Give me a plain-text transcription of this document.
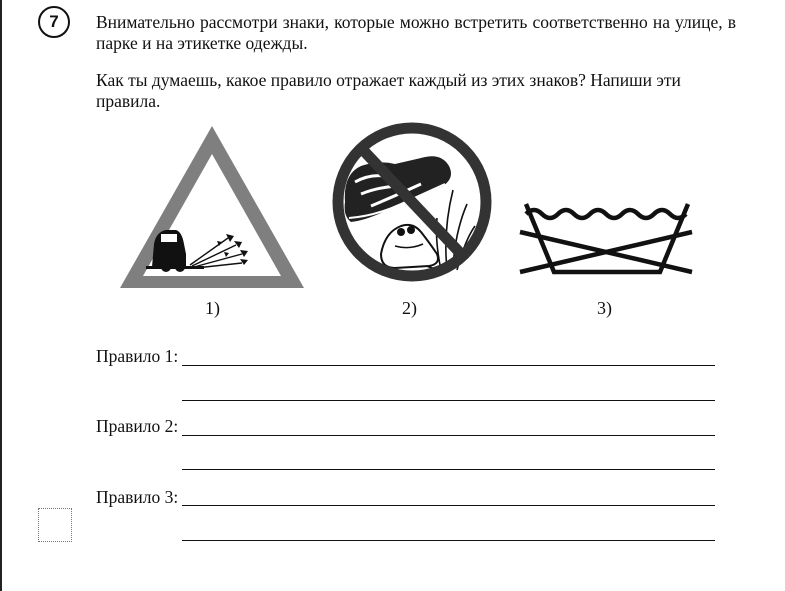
7	Внимательно рассмотри знаки, которые можно встретить соответственно на улице, в парке и на этикетке одежды.

Как ты думаешь, какое правило отражает каждый из этих знаков? Напиши эти правила.

1)	2)	3)
Правило 1:
Правило 2:
Правило 3:
